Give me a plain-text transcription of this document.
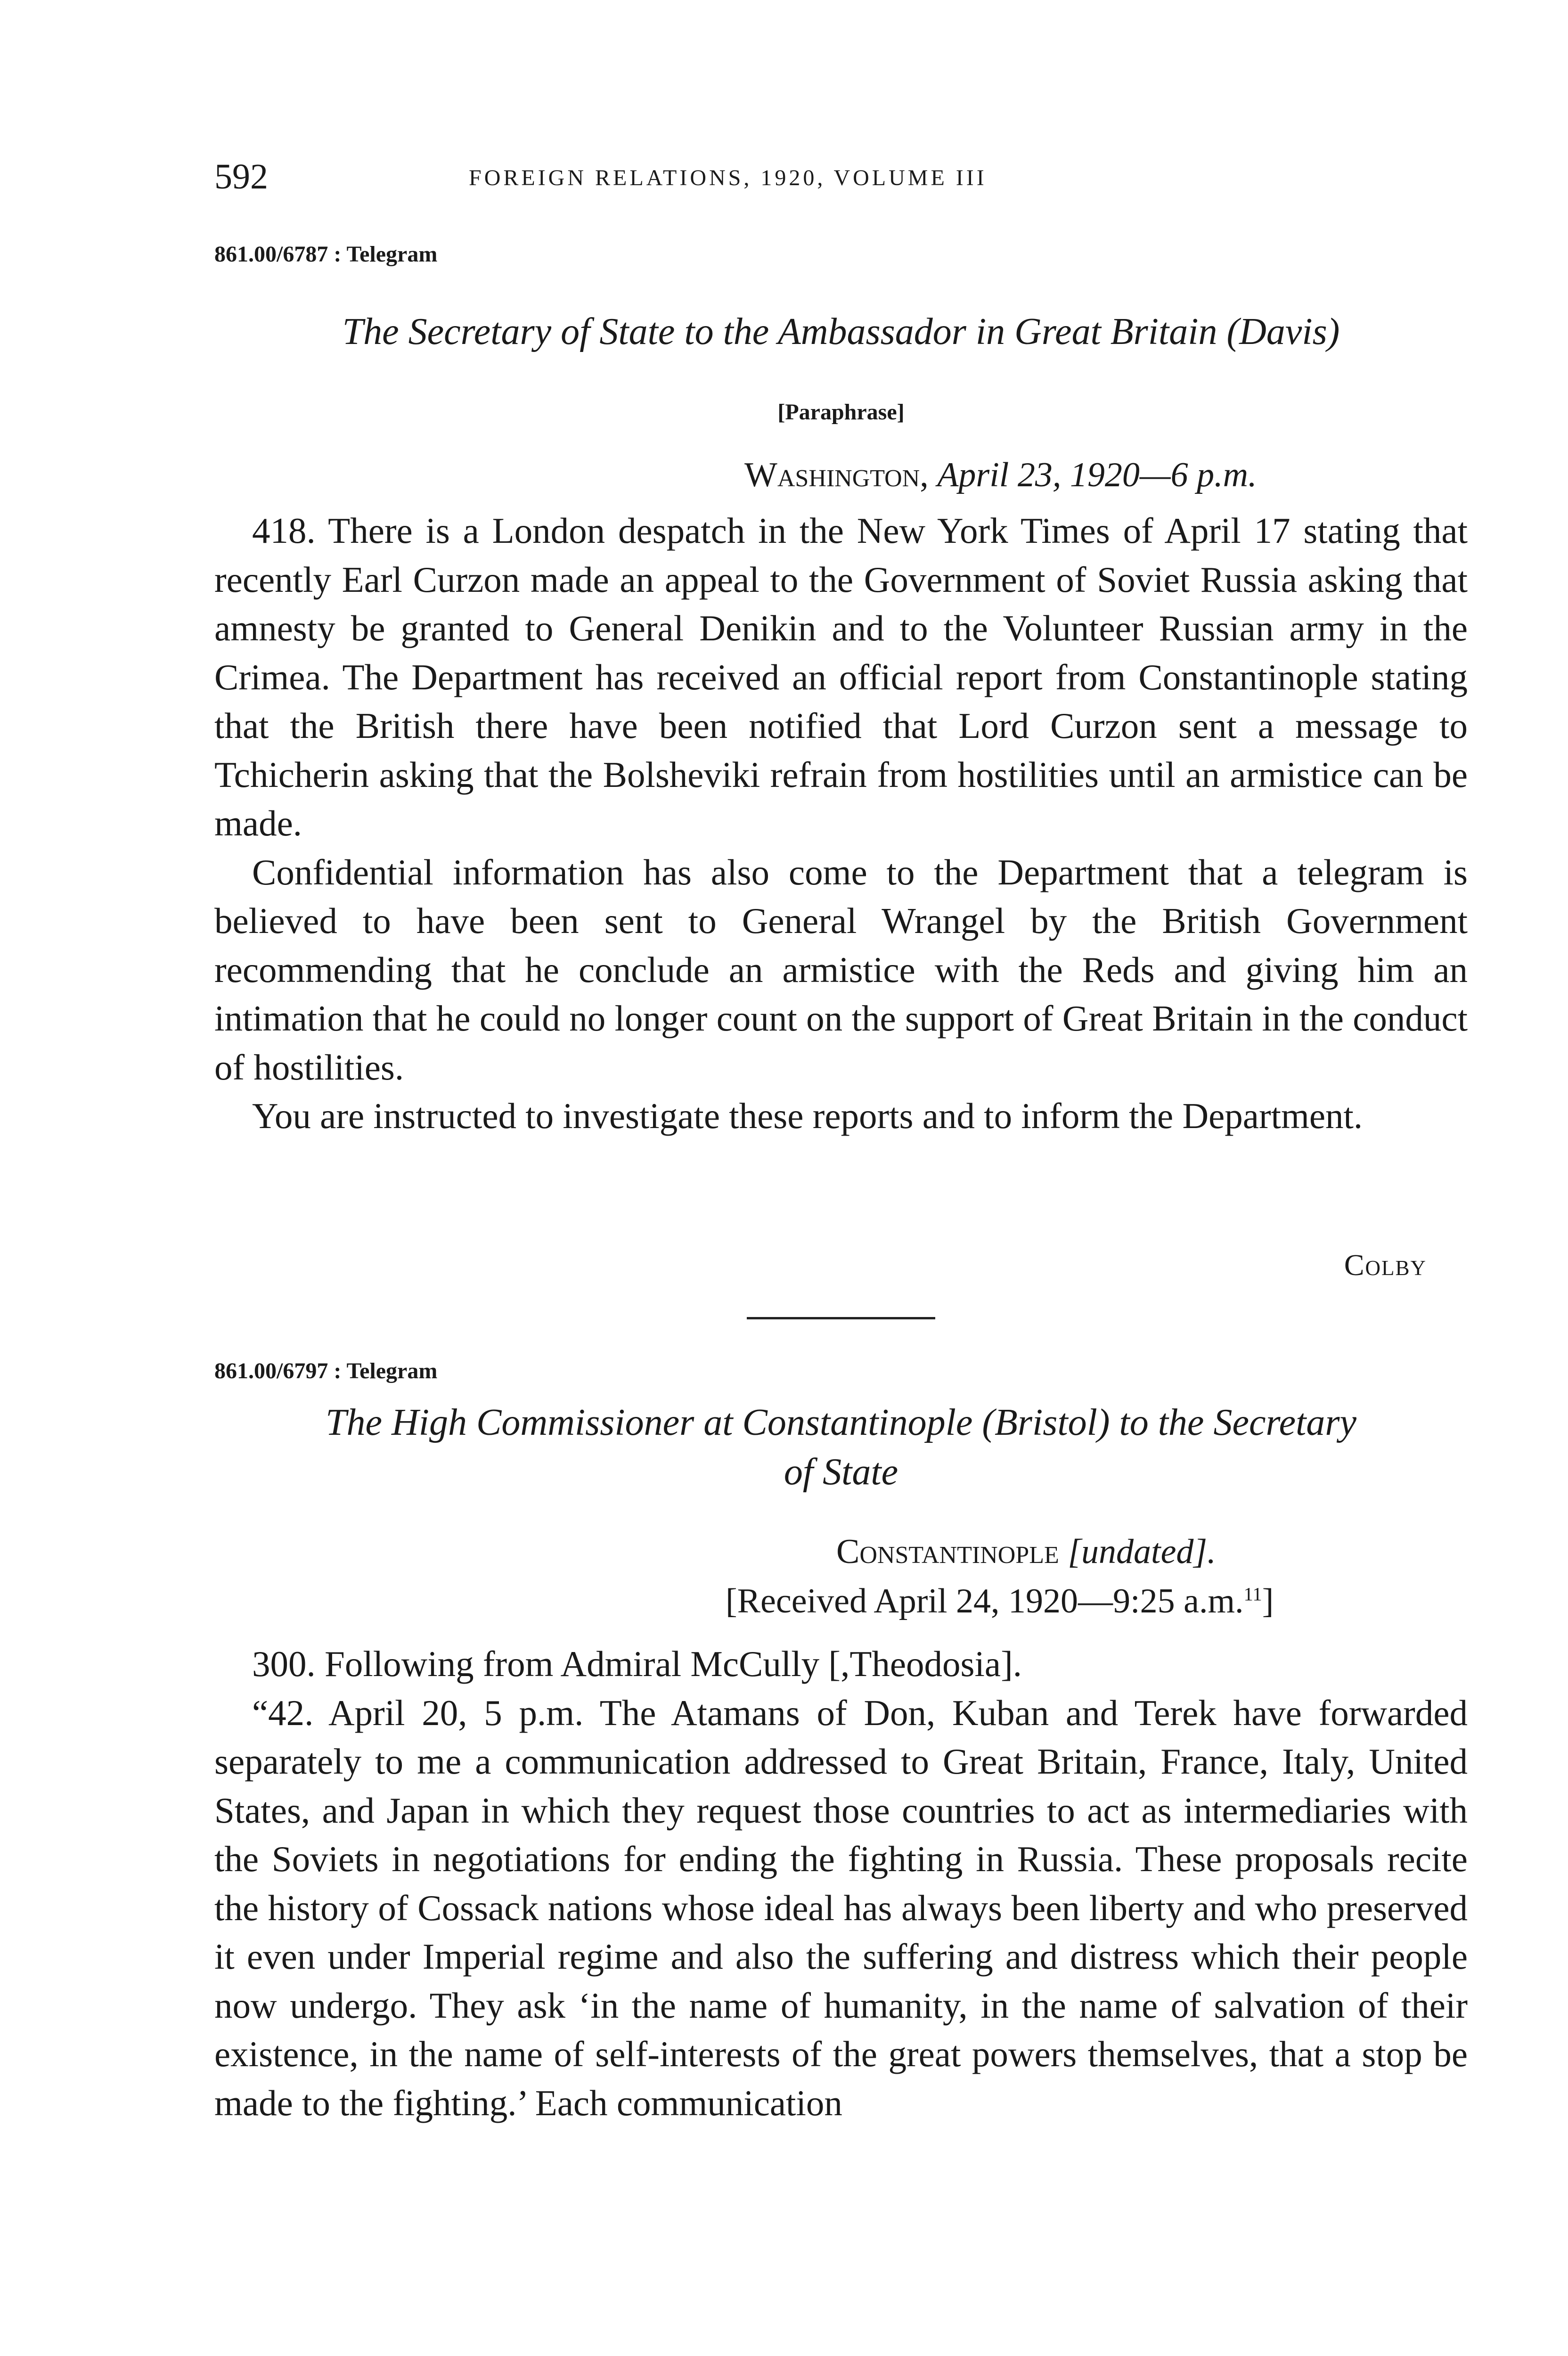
592	FOREIGN RELATIONS, 1920, VOLUME III
861.00/6787 : Telegram
The Secretary of State to the Ambassador in Great Britain (Davis)
[Paraphrase]
Washington, April 23, 1920—6 p.m.

418. There is a London despatch in the New York Times of April 17 stating that recently Earl Curzon made an appeal to the Government of Soviet Russia asking that amnesty be granted to General Denikin and to the Volunteer Russian army in the Crimea. The Department has received an official report from Constantinople stating that the British there have been notified that Lord Curzon sent a message to Tchicherin asking that the Bolsheviki refrain from hostilities until an armistice can be made.

Confidential information has also come to the Department that a telegram is believed to have been sent to General Wrangel by the British Government recommending that he conclude an armistice with the Reds and giving him an intimation that he could no longer count on the support of Great Britain in the conduct of hostilities.

You are instructed to investigate these reports and to inform the Department.

Colby
861.00/6797 : Telegram
The High Commissioner at Constantinople (Bristol) to the Secretary
of State
Constantinople [undated].
[Received April 24, 1920—9:25 a.m.$^{11}$]

300. Following from Admiral McCully [,Theodosia].

“42. April 20, 5 p.m. The Atamans of Don, Kuban and Terek have forwarded separately to me a communication addressed to Great Britain, France, Italy, United States, and Japan in which they request those countries to act as intermediaries with the Soviets in negotiations for ending the fighting in Russia. These proposals recite the history of Cossack nations whose ideal has always been liberty and who preserved it even under Imperial regime and also the suffering and distress which their people now undergo. They ask ‘in the name of humanity, in the name of salvation of their existence, in the name of self-interests of the great powers themselves, that a stop be made to the fighting.’ Each communication
